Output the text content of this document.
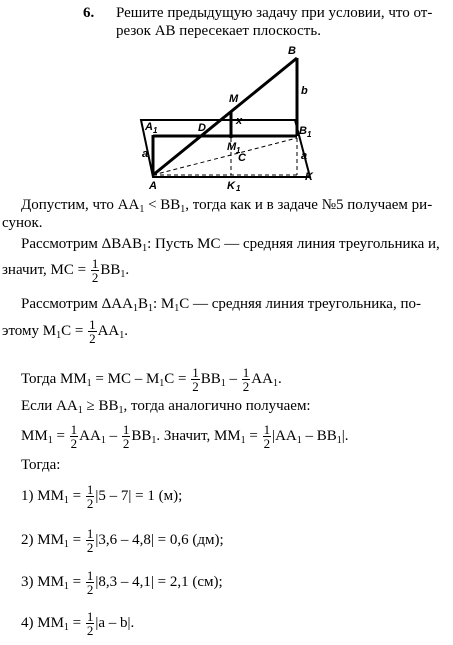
6. Решите предыдущую задачу при условии, что от-
резок AB пересекает плоскость.
B
b
M
x
A 1	D	B 1
a
M 1
C	a
A
K
K 1
Допустим, что $AA_1 < BB_1$, тогда как и в задаче №5 получаем ри-
сунок.
Рассмотрим $\Delta BAB_1$: Пусть MC — средняя линия треугольника и,
значит, MC = $\frac{1}{2} BB_1$.
Рассмотрим $\Delta AA_1B_1$: $M_1C$ — средняя линия треугольника, по-
этому $M_1C = \frac{1}{2} AA_1$.
Тогда $MM_1$ = MC – $M_1C = \frac{1}{2} BB_1 - \frac{1}{2} AA_1$.
Если $AA_1 \ge BB_1$, тогда аналогично получаем:
$MM_1 = \frac{1}{2} AA_1 - \frac{1}{2} BB_1$. Значит, $MM_1 = \frac{1}{2} |AA_1 - BB_1|$.
Тогда:
1) $MM_1 = \frac{1}{2} |5 - 7| = 1$ (м);
2) $MM_1 = \frac{1}{2} |3,6 - 4,8| = 0,6$ (дм);
3) $MM_1 = \frac{1}{2} |8,3 - 4,1| = 2,1$ (см);
4) $MM_1 = \frac{1}{2} |a - b|$.
